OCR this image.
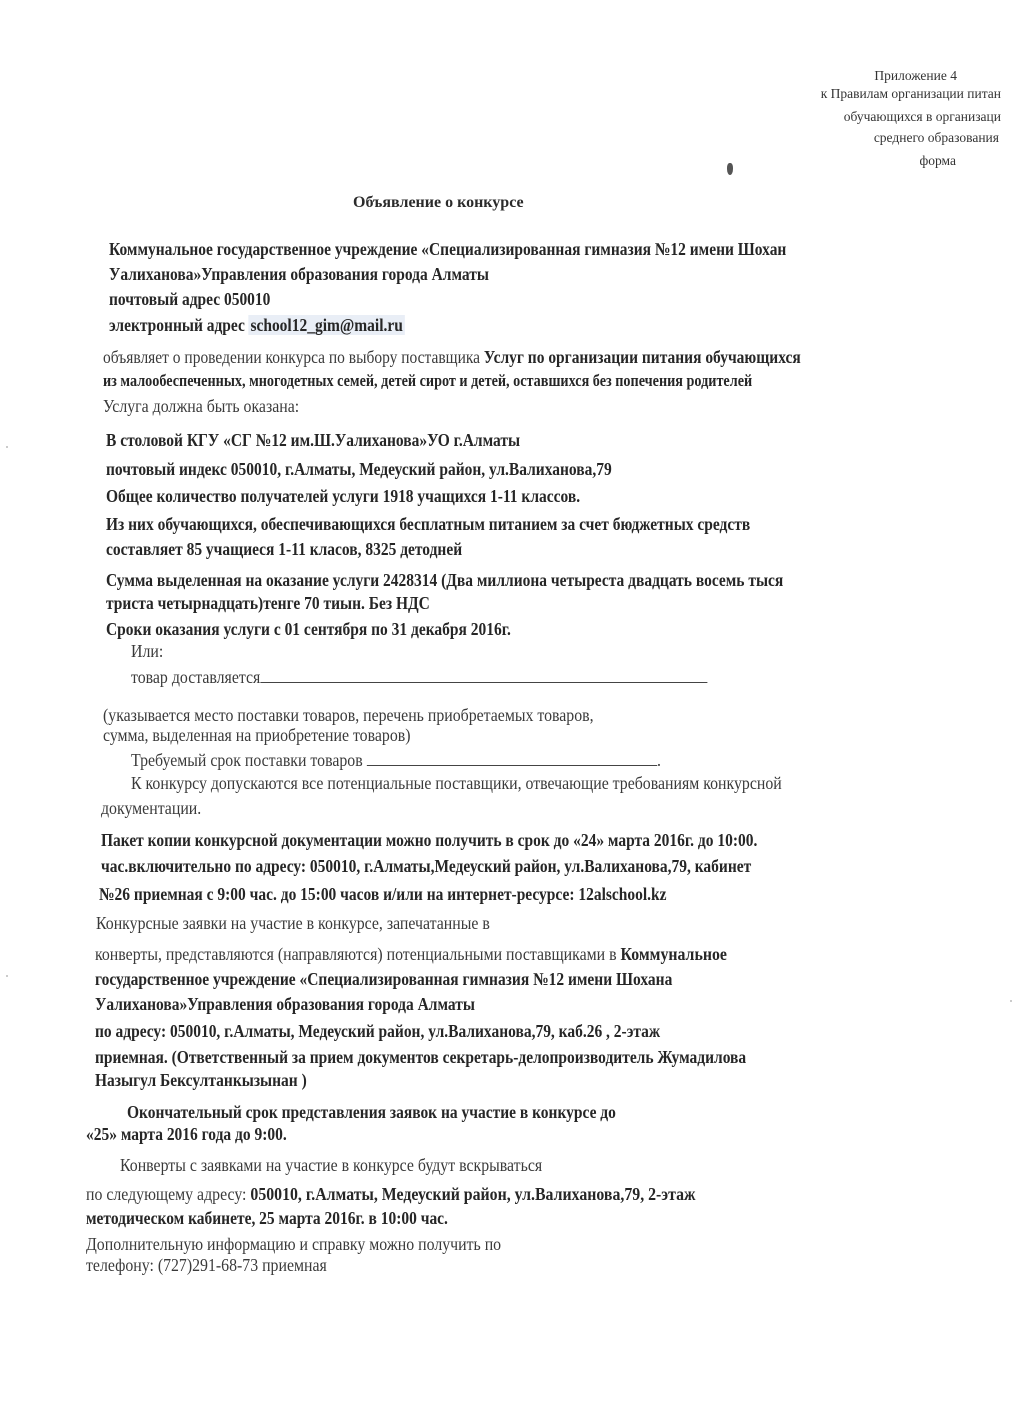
Приложение 4
к Правилам организации питан
обучающихся в организаци
среднего образования
форма
Объявление о конкурсе
Коммунальное государственное учреждение «Специализированная гимназия №12 имени Шохан
Уалиханова»Управления образования города Алматы
почтовый адрес 050010
электронный адрес school12_gim@mail.ru
объявляет о проведении конкурса по выбору поставщика Услуг по организации питания обучающихся
из малообеспеченных, многодетных семей, детей сирот и детей, оставшихся без попечения родителей
Услуга должна быть оказана:
В столовой КГУ «СГ №12 им.Ш.Уалиханова»УО г.Алматы
почтовый индекс 050010, г.Алматы, Медеуский район, ул.Валиханова,79
Общее количество получателей услуги 1918 учащихся 1-11 классов.
Из них обучающихся, обеспечивающихся бесплатным питанием за счет бюджетных средств
составляет 85 учащиеся 1-11 класов, 8325 детодней
Сумма выделенная на оказание услуги 2428314 (Два миллиона четыреста двадцать восемь тыся
триста четырнадцать)тенге 70 тиын. Без НДС
Сроки оказания услуги с 01 сентября по 31 декабря 2016г.
Или:
товар доставляется
(указывается место поставки товаров, перечень приобретаемых товаров,
сумма, выделенная на приобретение товаров)
Требуемый срок поставки товаров	.
К конкурсу допускаются все потенциальные поставщики, отвечающие требованиям конкурсной
документации.
Пакет копии конкурсной документации можно получить в срок до «24» марта 2016г. до 10:00.
час.включительно по адресу: 050010, г.Алматы,Медеуский район, ул.Валиханова,79, кабинет
№26 приемная с 9:00 час. до 15:00 часов и/или на интернет-ресурсе: 12alschool.kz
Конкурсные заявки на участие в конкурсе, запечатанные в
конверты, представляются (направляются) потенциальными поставщиками в Коммунальное
государственное учреждение «Специализированная гимназия №12 имени Шохана
Уалиханова»Управления образования города Алматы
по адресу: 050010, г.Алматы, Медеуский район, ул.Валиханова,79, каб.26 , 2-этаж
приемная. (Ответственный за прием документов секретарь-делопроизводитель Жумадилова
Назыгул Бексултанкызынан )
Окончательный срок представления заявок на участие в конкурсе до
«25» марта 2016 года до 9:00.
Конверты с заявками на участие в конкурсе будут вскрываться
по следующему адресу: 050010, г.Алматы, Медеуский район, ул.Валиханова,79, 2-этаж
методическом кабинете, 25 марта 2016г. в 10:00 час.
Дополнительную информацию и справку можно получить по
телефону: (727)291-68-73 приемная
